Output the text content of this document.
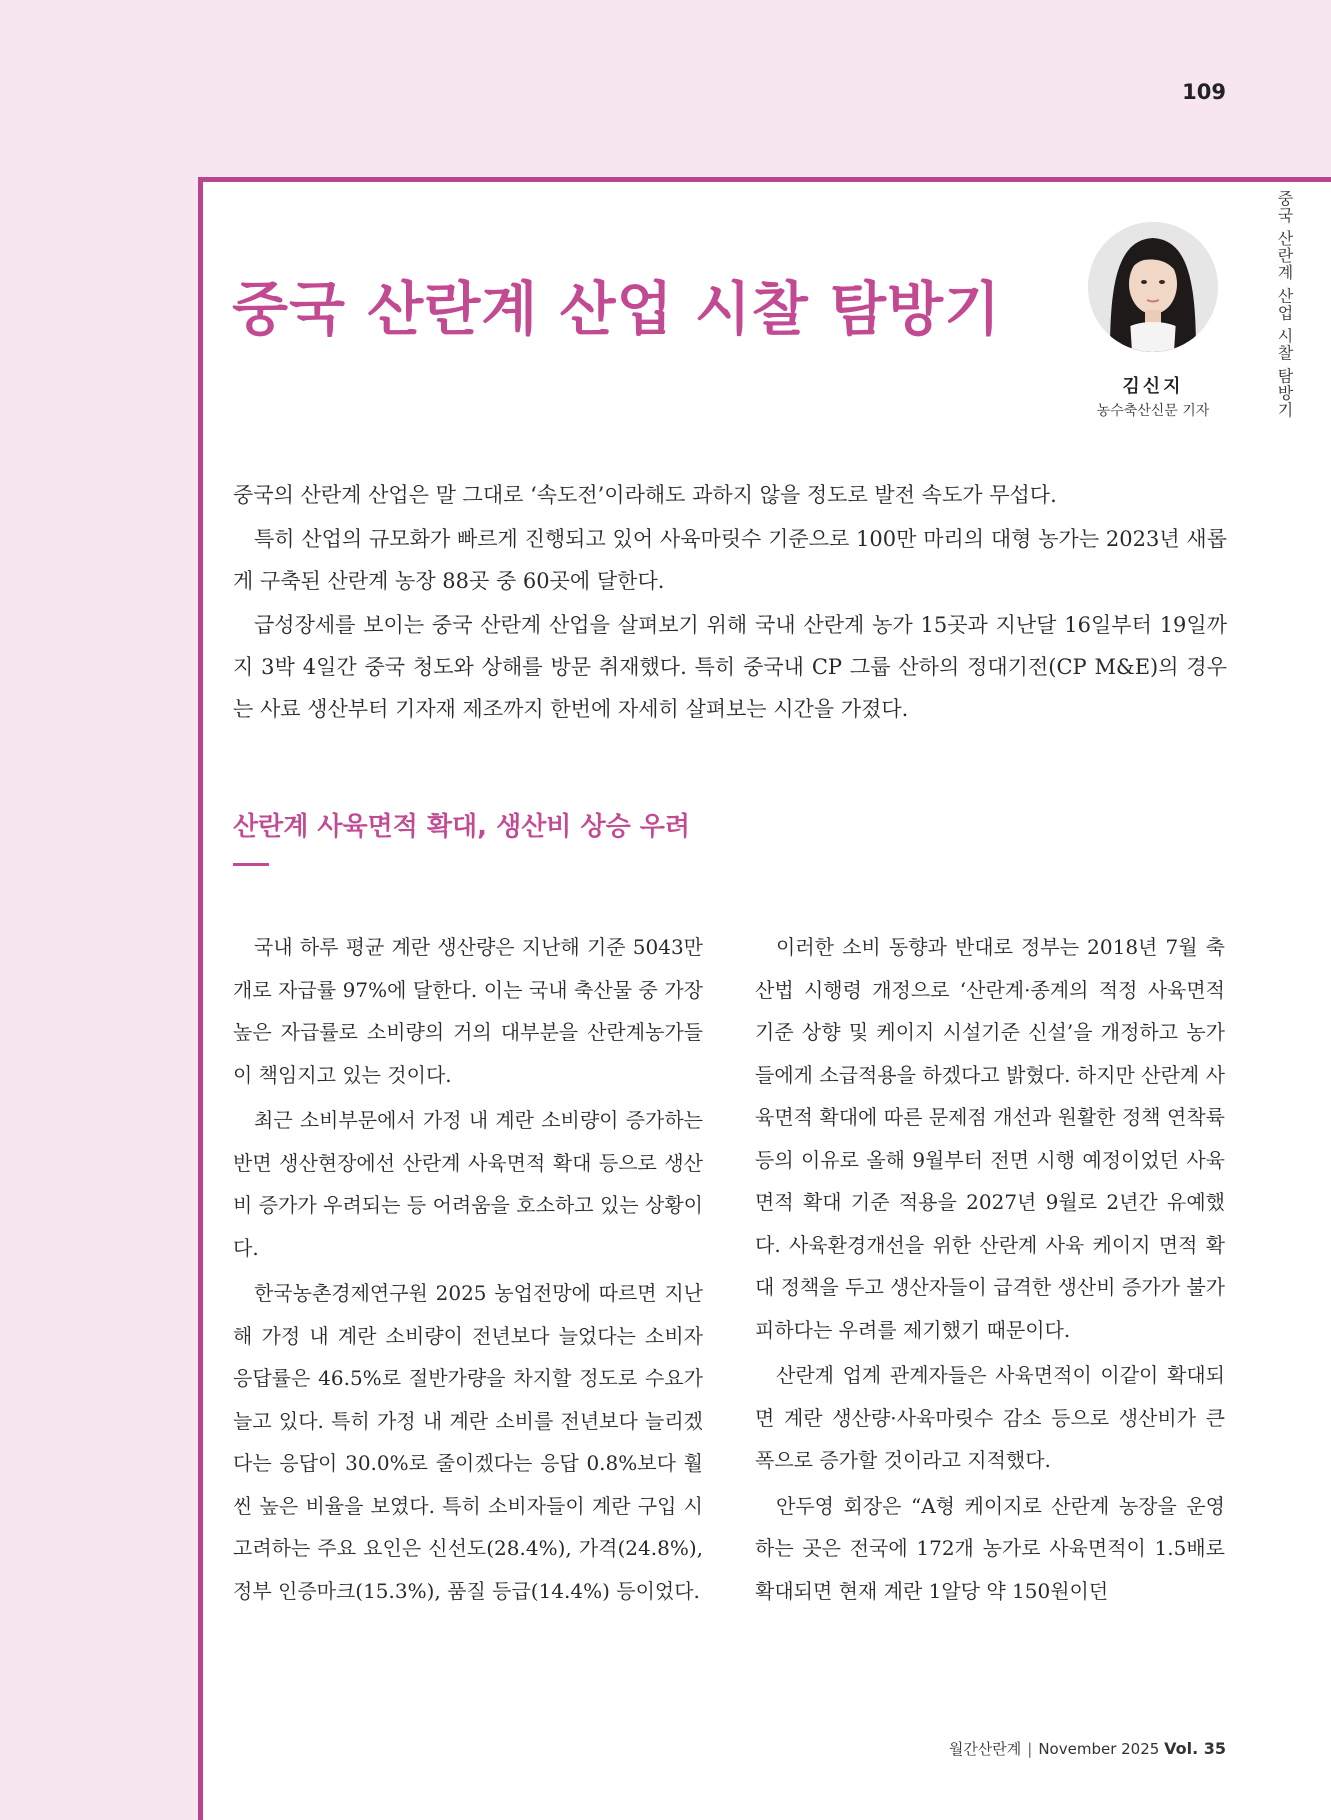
109
중국 산란계 산업 시찰 탐방기
중국 산란계 산업 시찰 탐방기
김신지
농수축산신문 기자

중국의 산란계 산업은 말 그대로 ‘속도전’이라해도 과하지 않을 정도로 발전 속도가 무섭다.

특히 산업의 규모화가 빠르게 진행되고 있어 사육마릿수 기준으로 100만 마리의 대형 농가는 2023년 새롭게 구축된 산란계 농장 88곳 중 60곳에 달한다.

급성장세를 보이는 중국 산란계 산업을 살펴보기 위해 국내 산란계 농가 15곳과 지난달 16일부터 19일까지 3박 4일간 중국 청도와 상해를 방문 취재했다. 특히 중국내 CP 그룹 산하의 정대기전(CP M&E)의 경우는 사료 생산부터 기자재 제조까지 한번에 자세히 살펴보는 시간을 가졌다.

산란계 사육면적 확대, 생산비 상승 우려

국내 하루 평균 계란 생산량은 지난해 기준 5043만 개로 자급률 97%에 달한다. 이는 국내 축산물 중 가장 높은 자급률로 소비량의 거의 대부분을 산란계농가들이 책임지고 있는 것이다.

최근 소비부문에서 가정 내 계란 소비량이 증가하는 반면 생산현장에선 산란계 사육면적 확대 등으로 생산비 증가가 우려되는 등 어려움을 호소하고 있는 상황이다.

한국농촌경제연구원 2025 농업전망에 따르면 지난해 가정 내 계란 소비량이 전년보다 늘었다는 소비자 응답률은 46.5%로 절반가량을 차지할 정도로 수요가 늘고 있다. 특히 가정 내 계란 소비를 전년보다 늘리겠다는 응답이 30.0%로 줄이겠다는 응답 0.8%보다 훨씬 높은 비율을 보였다. 특히 소비자들이 계란 구입 시 고려하는 주요 요인은 신선도(28.4%), 가격(24.8%), 정부 인증마크(15.3%), 품질 등급(14.4%) 등이었다.

이러한 소비 동향과 반대로 정부는 2018년 7월 축산법 시행령 개정으로 ‘산란계·종계의 적정 사육면적 기준 상향 및 케이지 시설기준 신설’을 개정하고 농가들에게 소급적용을 하겠다고 밝혔다. 하지만 산란계 사육면적 확대에 따른 문제점 개선과 원활한 정책 연착륙 등의 이유로 올해 9월부터 전면 시행 예정이었던 사육면적 확대 기준 적용을 2027년 9월로 2년간 유예했다. 사육환경개선을 위한 산란계 사육 케이지 면적 확대 정책을 두고 생산자들이 급격한 생산비 증가가 불가피하다는 우려를 제기했기 때문이다.

산란계 업계 관계자들은 사육면적이 이같이 확대되면 계란 생산량·사육마릿수 감소 등으로 생산비가 큰 폭으로 증가할 것이라고 지적했다.

안두영 회장은 “A형 케이지로 산란계 농장을 운영하는 곳은 전국에 172개 농가로 사육면적이 1.5배로 확대되면 현재 계란 1알당 약 150원이던

월간산란계 | November 2025 Vol. 35
